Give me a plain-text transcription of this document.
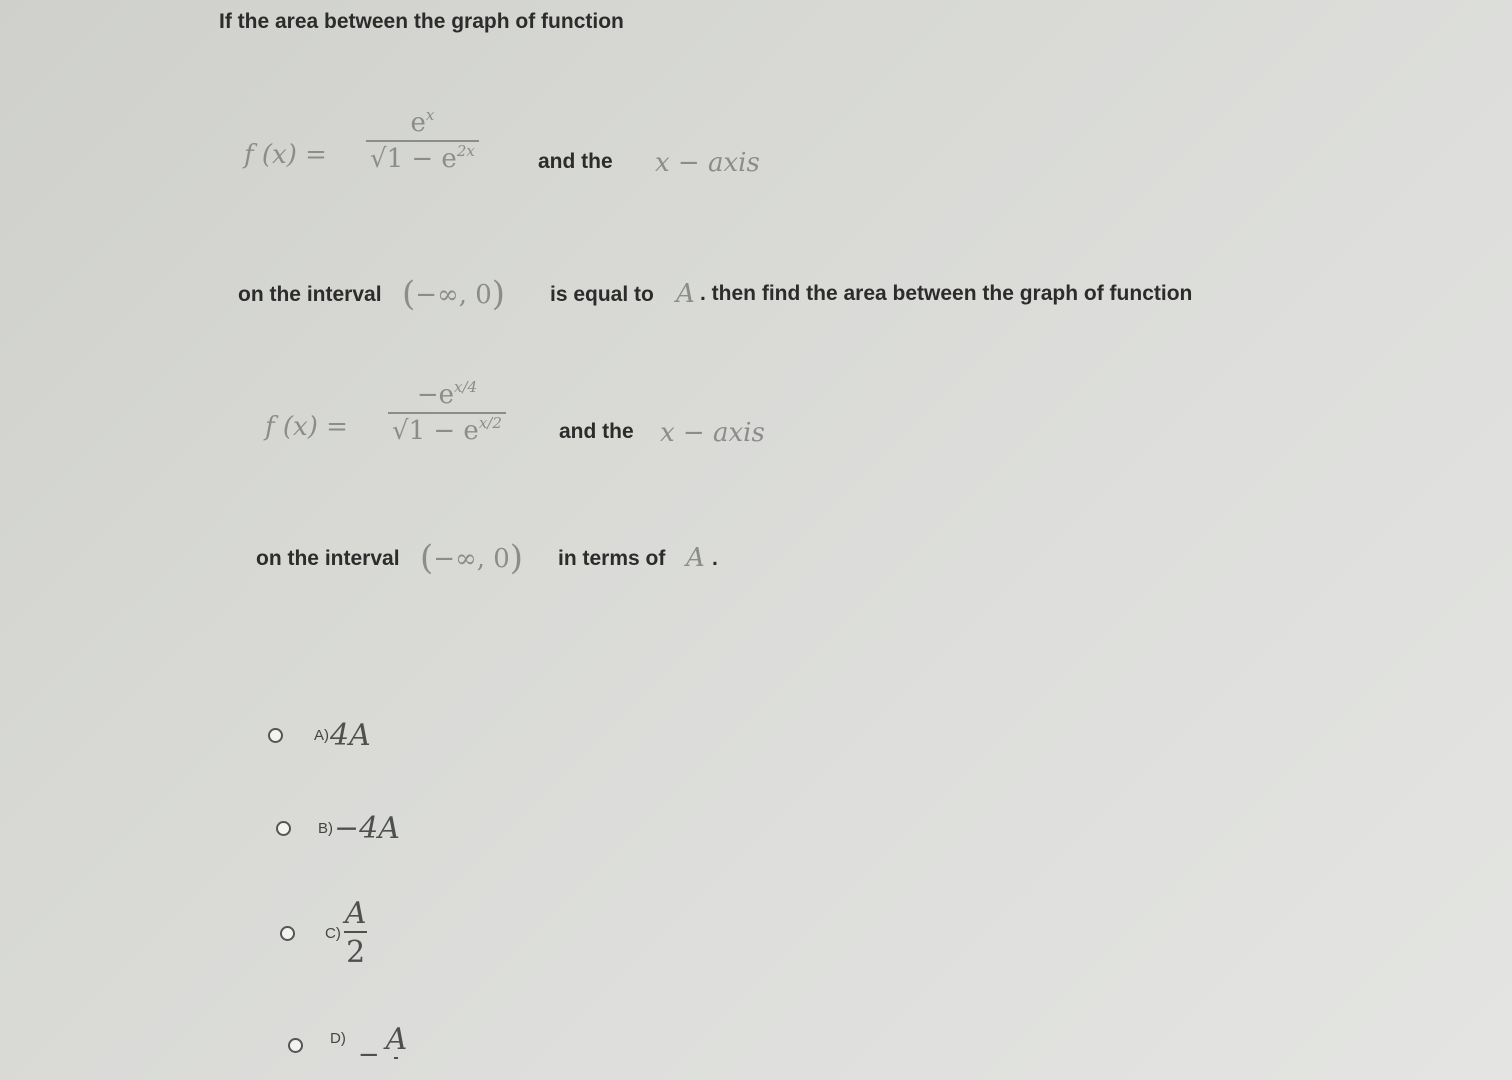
If the area between the graph of function
f $(x) = \frac{e^x}{√1 - e^{2x}}$	and the x − axis
on the interval (−∞, 0) is equal to A . then find the area between the graph of function
f $(x) = \frac{-e^{x/4}}{√1 - e^{x/2}}$	and the x − axis
on the interval (−∞, 0) in terms of A .
A) 4A
B) −4A
$C) \frac{A}{2}$
D)
− A
